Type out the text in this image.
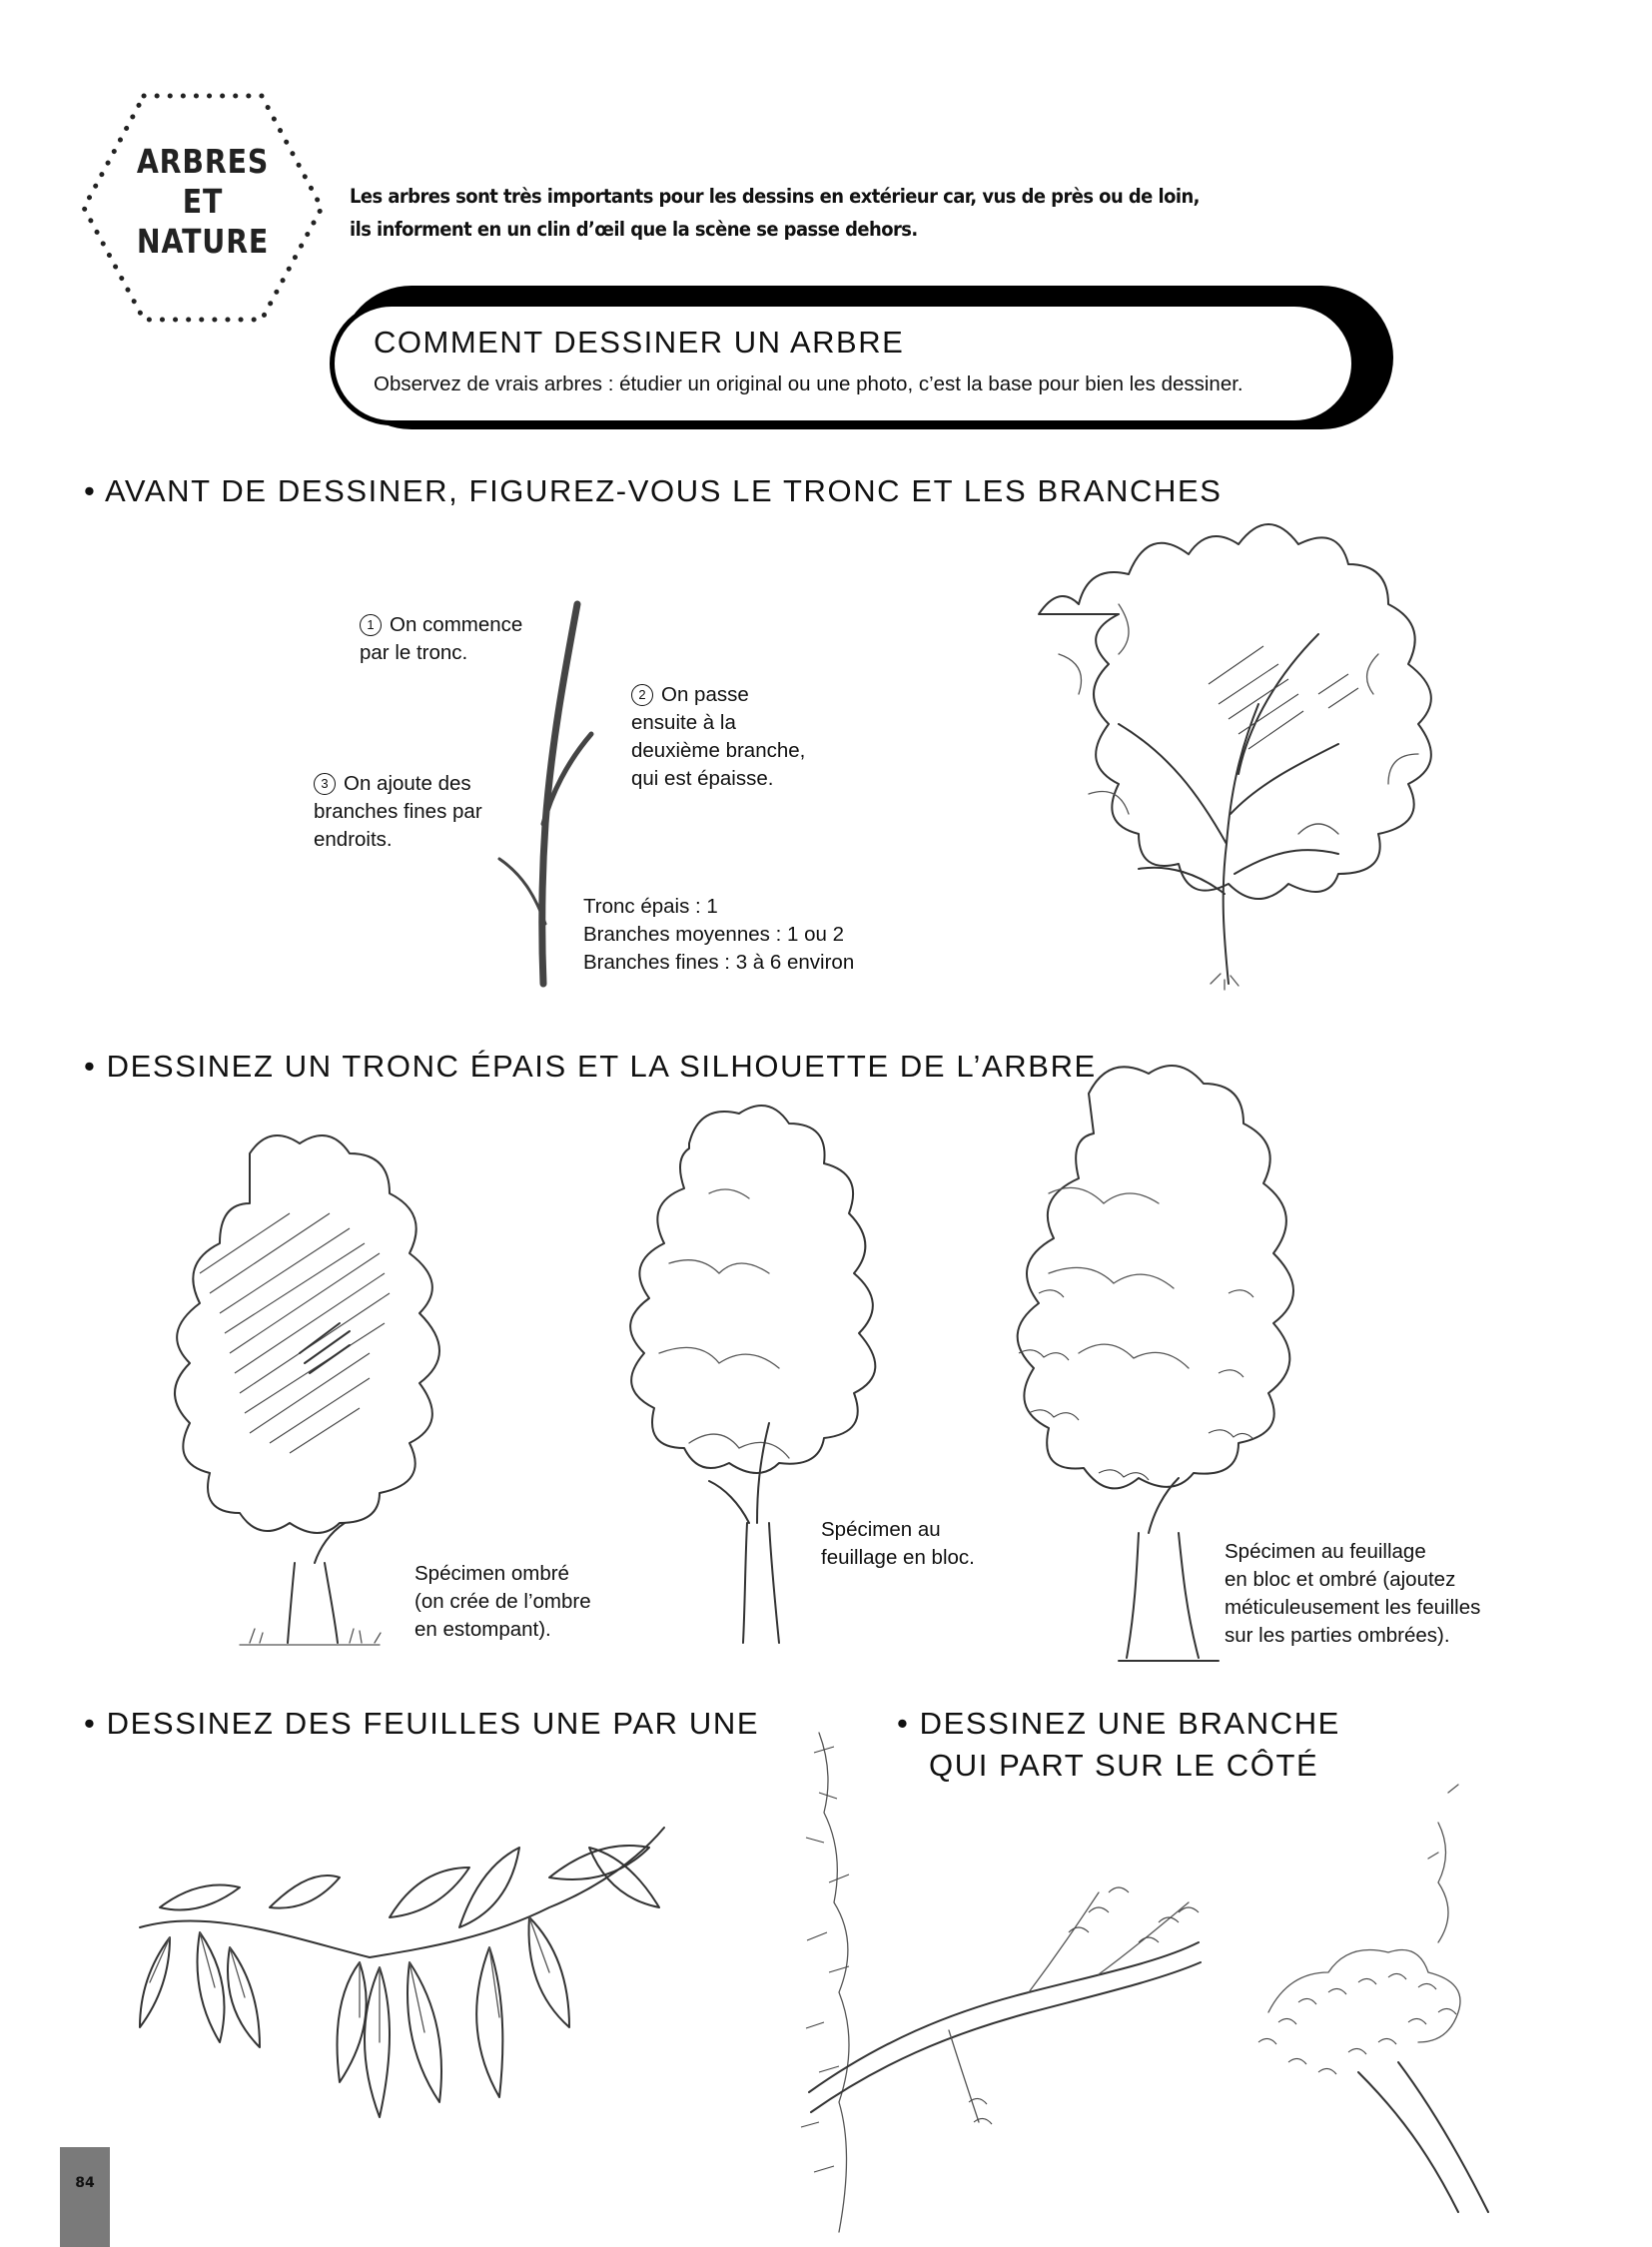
ARBRES
ET
NATURE
Les arbres sont très importants pour les dessins en extérieur car, vus de près ou de loin,
ils informent en un clin d’œil que la scène se passe dehors.
COMMENT DESSINER UN ARBRE
Observez de vrais arbres : étudier un original ou une photo, c’est la base pour bien les dessiner.
• AVANT DE DESSINER, FIGUREZ-VOUS LE TRONC ET LES BRANCHES
1 On commence
par le tronc.
2 On passe
ensuite à la
deuxième branche,
qui est épaisse.
3 On ajoute des
branches fines par
endroits.
Tronc épais : 1
Branches moyennes : 1 ou 2
Branches fines : 3 à 6 environ
• DESSINEZ UN TRONC ÉPAIS ET LA SILHOUETTE DE L’ARBRE
Spécimen ombré
(on crée de l’ombre
en estompant).
Spécimen au
feuillage en bloc.	Spécimen au feuillage
en bloc et ombré (ajoutez
méticuleusement les feuilles
sur les parties ombrées).
• DESSINEZ DES FEUILLES UNE PAR UNE	• DESSINEZ UNE BRANCHE
QUI PART SUR LE CÔTÉ
84
